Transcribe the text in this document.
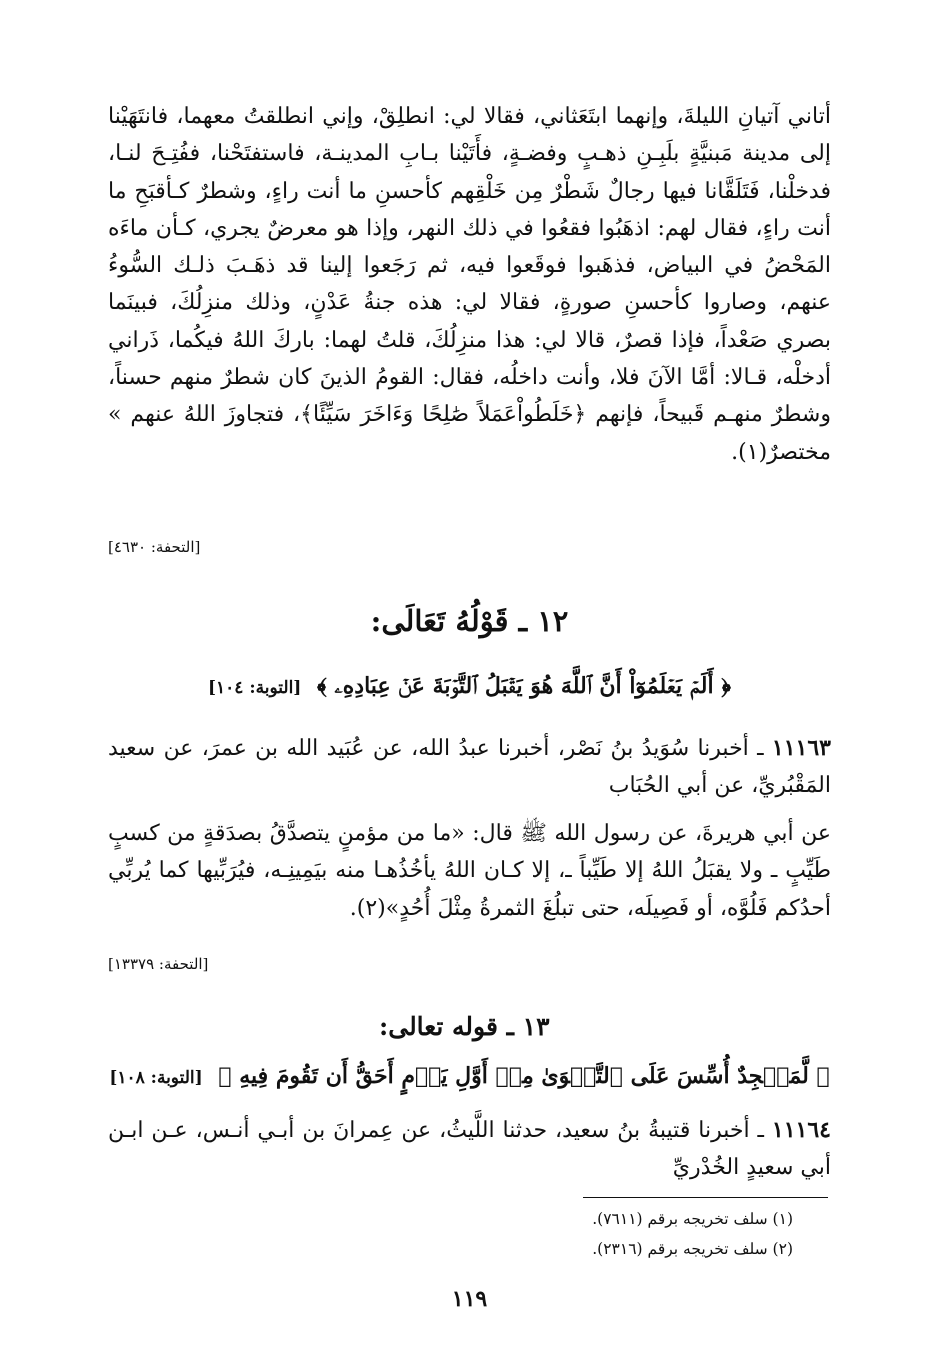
أتاني آتيانِ الليلةَ، وإنهما ابتَعَثاني، فقالا لي: انطلِقْ، وإني انطلقتُ معهما، فانتَهَيْنا إلى مدينة مَبنيَّةٍ بلَبِـنِ ذهـبٍ وفضـةٍ، فأَتَيْنا بـابِ المدينـة، فاستفتَحْنا، ففُتِـحَ لنـا، فدخلْنا، فَتَلَقَّانا فيها رجالٌ شَطْرٌ مِن خَلْقِهم كأحسنِ ما أنت راءٍ، وشطرٌ كـأقبَحِ ما أنت راءٍ، فقال لهم: اذهَبُوا فقعُوا في ذلك النهر، وإذا هو معرضٌ يجري، كـأن ماءَه المَحْضُ في البياض، فذهَبوا فوقَعوا فيه، ثم رَجَعوا إلينا قد ذهَـبَ ذلـك السُّوءُ عنهم، وصاروا كأحسنِ صورةٍ، فقالا لي: هذه جنةُ عَدْنٍ، وذلك منزِلُكَ، فبينَما بصري صَعْداً، فإذا قصرٌ، قالا لي: هذا منزِلُكَ، قلتُ لهما: باركَ اللهُ فيكُما، ذَراني أدخلْه، قـالا: أمَّا الآنَ فلا، وأنت داخلُه، فقال: القومُ الذينَ كان شطرٌ منهم حسناً، وشطرٌ منهـم قَبيحاً، فإنهم ﴿خَلَطُواْعَمَلاً صَٰلِحًا وَءَاخَرَ سَيِّئًا﴾، فتجاوزَ اللهُ عنهم » مختصرٌ(١).

[التحفة: ٤٦٣٠]
١٢ ـ قَوْلُهُ تَعَالَى:
﴿ أَلَمۡ يَعۡلَمُوٓاْ أَنَّ ٱللَّهَ هُوَ يَقۡبَلُ ٱلتَّوۡبَةَ عَنۡ عِبَادِهِۦ ﴾ [التوبة: ١٠٤]

١١١٦٣ ـ أخبرنا سُوَيدُ بنُ نَصْر، أخبرنا عبدُ الله، عن عُبَيد الله بن عمرَ، عن سعيد المَقْبُريِّ، عن أبي الحُبَاب

عن أبي هريرةَ، عن رسول الله ﷺ قال: «ما من مؤمنٍ يتصدَّقُ بصدَقةٍ من كسبٍ طَيِّبٍ ـ ولا يقبَلُ اللهُ إلا طَيِّباً ـ، إلا كـان اللهُ يأخُذُهـا منه بيَمِينِـه، فيُرَبِّيها كما يُربِّي أحدُكم فَلُوَّه، أو فَصِيلَه، حتى تبلُغَ الثمرةُ مِثْلَ أُحُدٍ»(٢).

[التحفة: ١٣٣٧٩]
١٣ ـ قوله تعالى:
﴿ لَّمَسۡجِدٌ أُسِّسَ عَلَى ٱلتَّقۡوَىٰ مِنۡ أَوَّلِ يَوۡمٍ أَحَقُّ أَن تَقُومَ فِيهِ ﴾ [التوبة: ١٠٨]

١١١٦٤ ـ أخبرنا قتيبةُ بنُ سعيد، حدثنا اللَّيثُ، عن عِمرانَ بن أبـي أنـس، عـن ابـن أبي سعيدٍ الخُدْريِّ

(١) سلف تخريجه برقم (٧٦١١).
(٢) سلف تخريجه برقم (٢٣١٦).
١١٩
